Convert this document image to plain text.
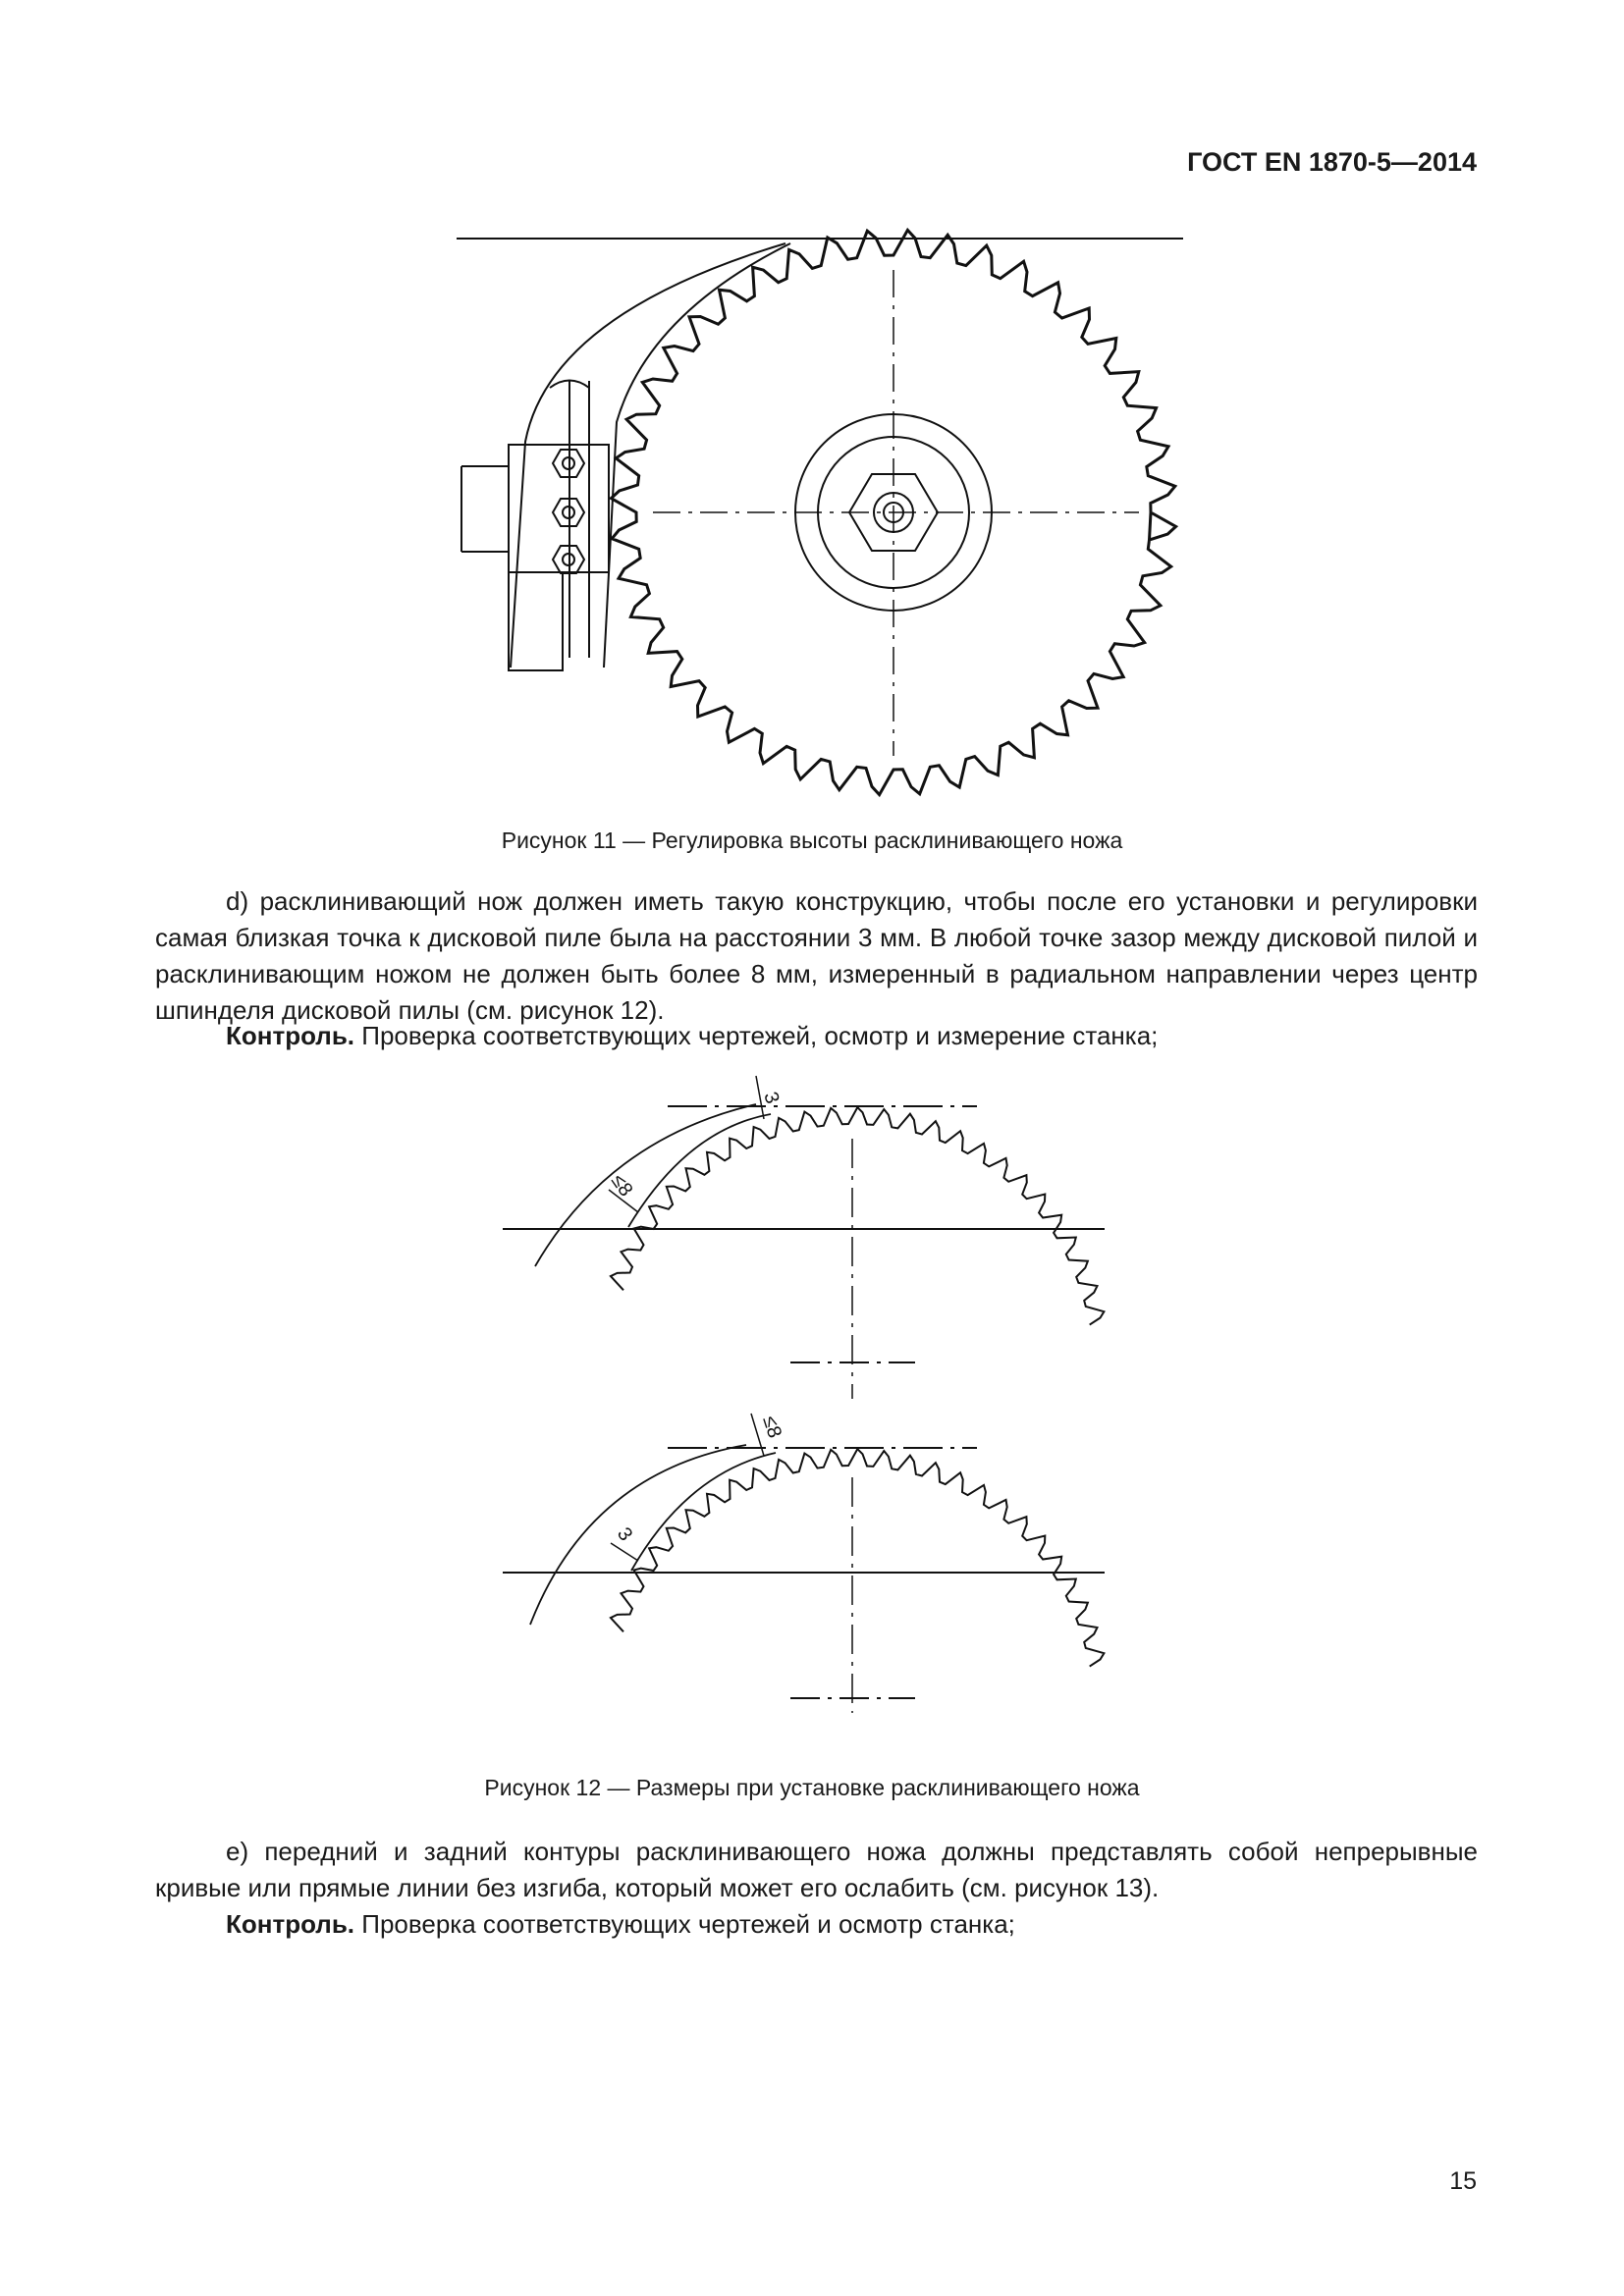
ГОСТ EN 1870-5—2014
Рисунок 11 — Регулировка высоты расклинивающего ножа

d) расклинивающий нож должен иметь такую конструкцию, чтобы после его установки и регулировки самая близкая точка к дисковой пиле была на расстоянии 3 мм. В любой точке зазор между дисковой пилой и расклинивающим ножом не должен быть более 8 мм, измеренный в радиальном направлении через центр шпинделя дисковой пилы (см. рисунок 12).

Контроль. Проверка соответствующих чертежей, осмотр и измерение станка;

3
≤8
≤8
3
Рисунок 12 — Размеры при установке расклинивающего ножа

е) передний и задний контуры расклинивающего ножа должны представлять собой непрерывные кривые или прямые линии без изгиба, который может его ослабить (см. рисунок 13).

Контроль. Проверка соответствующих чертежей и осмотр станка;

15
